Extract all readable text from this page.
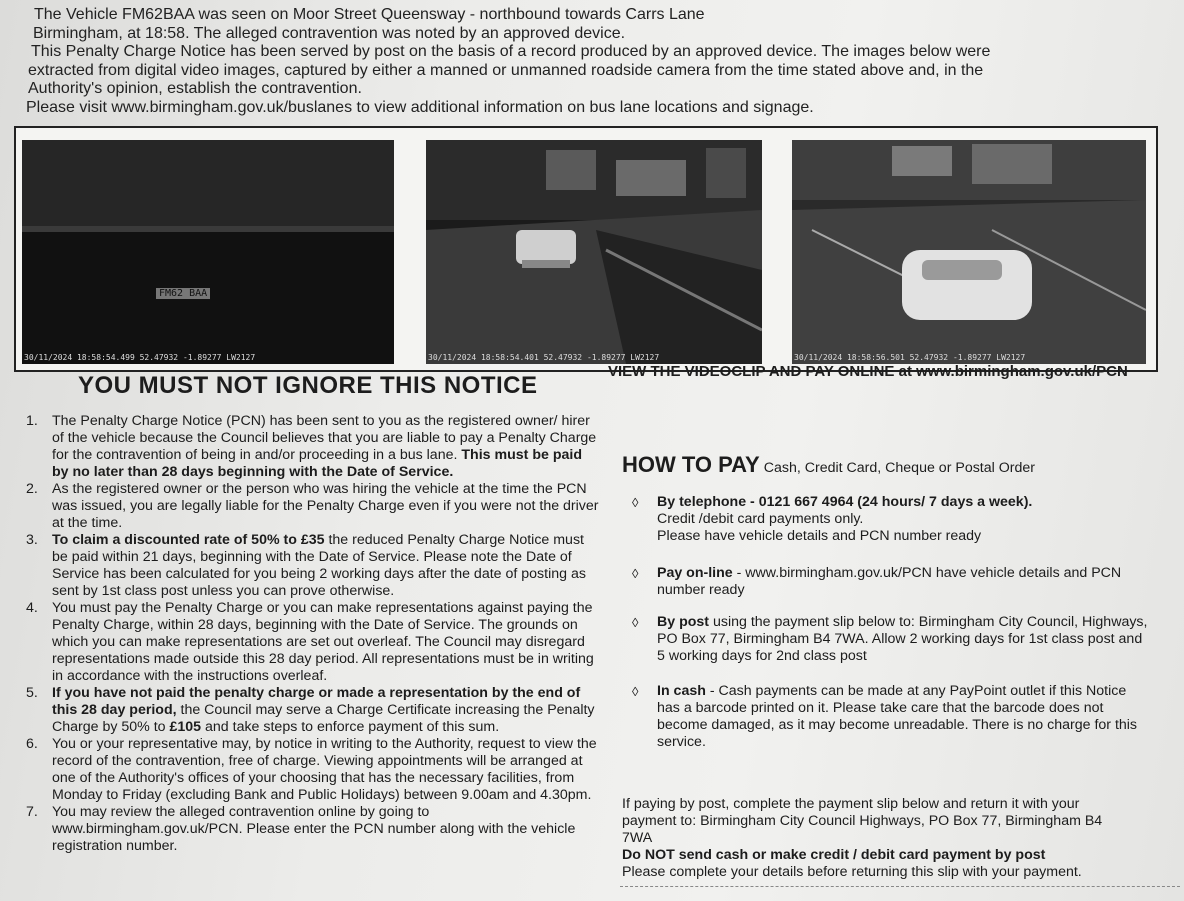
The Vehicle FM62BAA was seen on Moor Street Queensway - northbound towards Carrs Lane

Birmingham, at 18:58. The alleged contravention was noted by an approved device.

This Penalty Charge Notice has been served by post on the basis of a record produced by an approved device. The images below were

extracted from digital video images, captured by either a manned or unmanned roadside camera from the time stated above and, in the

Authority's opinion, establish the contravention.

Please visit www.birmingham.gov.uk/buslanes to view additional information on bus lane locations and signage.

FM62 BAA
30/11/2024 18:58:54.499 52.47932 -1.89277 LW2127	30/11/2024 18:58:54.401 52.47932 -1.89277 LW2127	30/11/2024 18:58:56.501 52.47932 -1.89277 LW2127
YOU MUST NOT IGNORE THIS NOTICE
VIEW THE VIDEOCLIP AND PAY ONLINE at www.birmingham.gov.uk/PCN
1. The Penalty Charge Notice (PCN) has been sent to you as the registered owner/ hirer of the vehicle because the Council believes that you are liable to pay a Penalty Charge for the contravention of being in and/or proceeding in a bus lane. This must be paid by no later than 28 days beginning with the Date of Service.
2. As the registered owner or the person who was hiring the vehicle at the time the PCN was issued, you are legally liable for the Penalty Charge even if you were not the driver at the time.
3. To claim a discounted rate of 50% to £35 the reduced Penalty Charge Notice must be paid within 21 days, beginning with the Date of Service. Please note the Date of Service has been calculated for you being 2 working days after the date of posting as sent by 1st class post unless you can prove otherwise.
4. You must pay the Penalty Charge or you can make representations against paying the Penalty Charge, within 28 days, beginning with the Date of Service. The grounds on which you can make representations are set out overleaf. The Council may disregard representations made outside this 28 day period. All representations must be in writing in accordance with the instructions overleaf.
5. If you have not paid the penalty charge or made a representation by the end of this 28 day period, the Council may serve a Charge Certificate increasing the Penalty Charge by 50% to £105 and take steps to enforce payment of this sum.
6. You or your representative may, by notice in writing to the Authority, request to view the record of the contravention, free of charge. Viewing appointments will be arranged at one of the Authority's offices of your choosing that has the necessary facilities, from Monday to Friday (excluding Bank and Public Holidays) between 9.00am and 4.30pm.
7. You may review the alleged contravention online by going to www.birmingham.gov.uk/PCN. Please enter the PCN number along with the vehicle registration number.
HOW TO PAY Cash, Credit Card, Cheque or Postal Order
◊ By telephone - 0121 667 4964 (24 hours/ 7 days a week).
Credit /debit card payments only.
Please have vehicle details and PCN number ready
◊ Pay on-line - www.birmingham.gov.uk/PCN have vehicle details and PCN number ready
◊ By post using the payment slip below to: Birmingham City Council, Highways, PO Box 77, Birmingham B4 7WA. Allow 2 working days for 1st class post and 5 working days for 2nd class post
◊ In cash - Cash payments can be made at any PayPoint outlet if this Notice has a barcode printed on it. Please take care that the barcode does not become damaged, as it may become unreadable. There is no charge for this service.

If paying by post, complete the payment slip below and return it with your payment to: Birmingham City Council Highways, PO Box 77, Birmingham B4 7WA

Do NOT send cash or make credit / debit card payment by post

Please complete your details before returning this slip with your payment.
